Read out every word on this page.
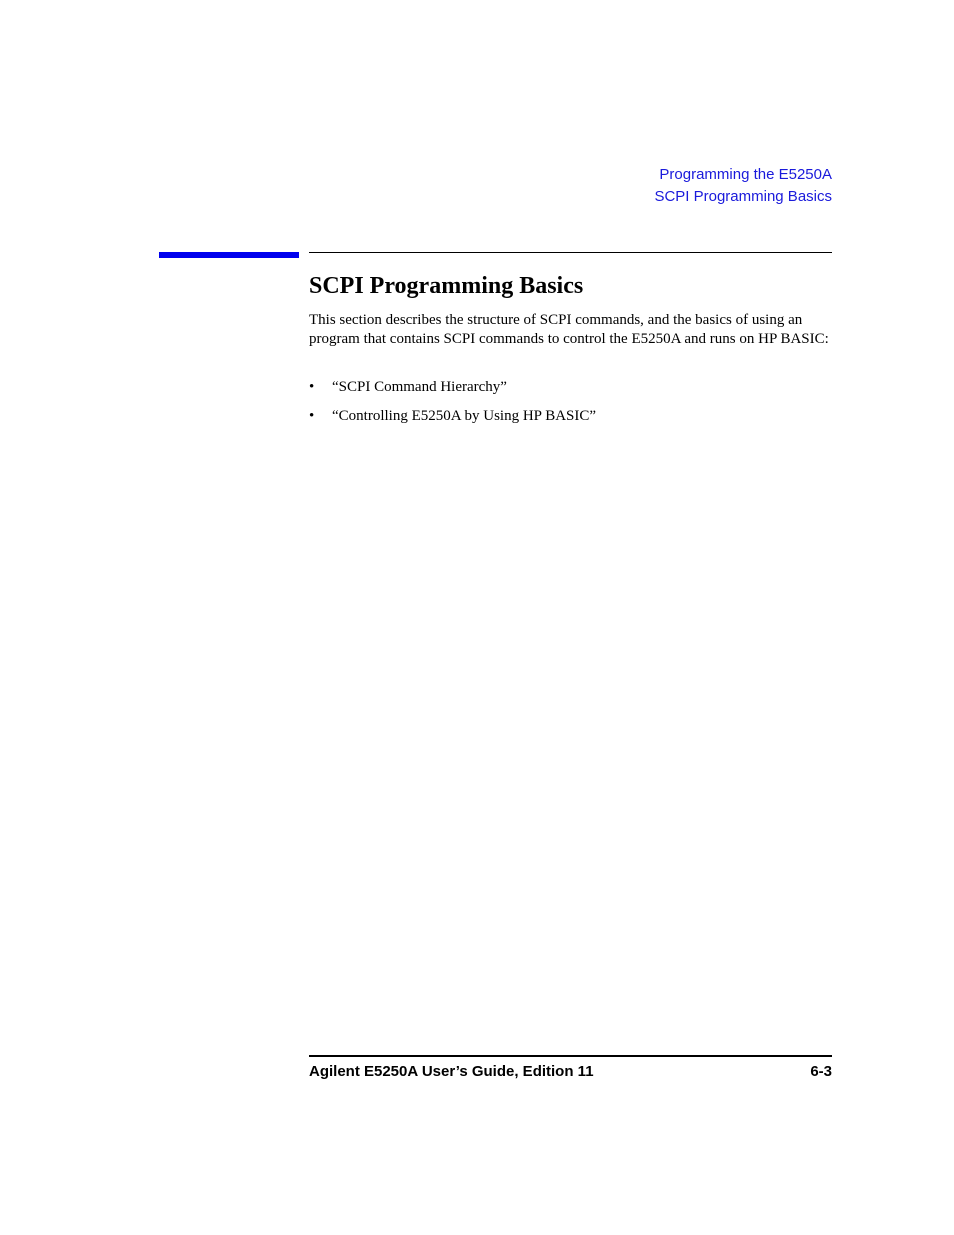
Programming the E5250A
SCPI Programming Basics
SCPI Programming Basics

This section describes the structure of SCPI commands, and the basics of using an program that contains SCPI commands to control the E5250A and runs on HP BASIC:

• “SCPI Command Hierarchy”
• “Controlling E5250A by Using HP BASIC”
Agilent E5250A User’s Guide, Edition 11	6-3
